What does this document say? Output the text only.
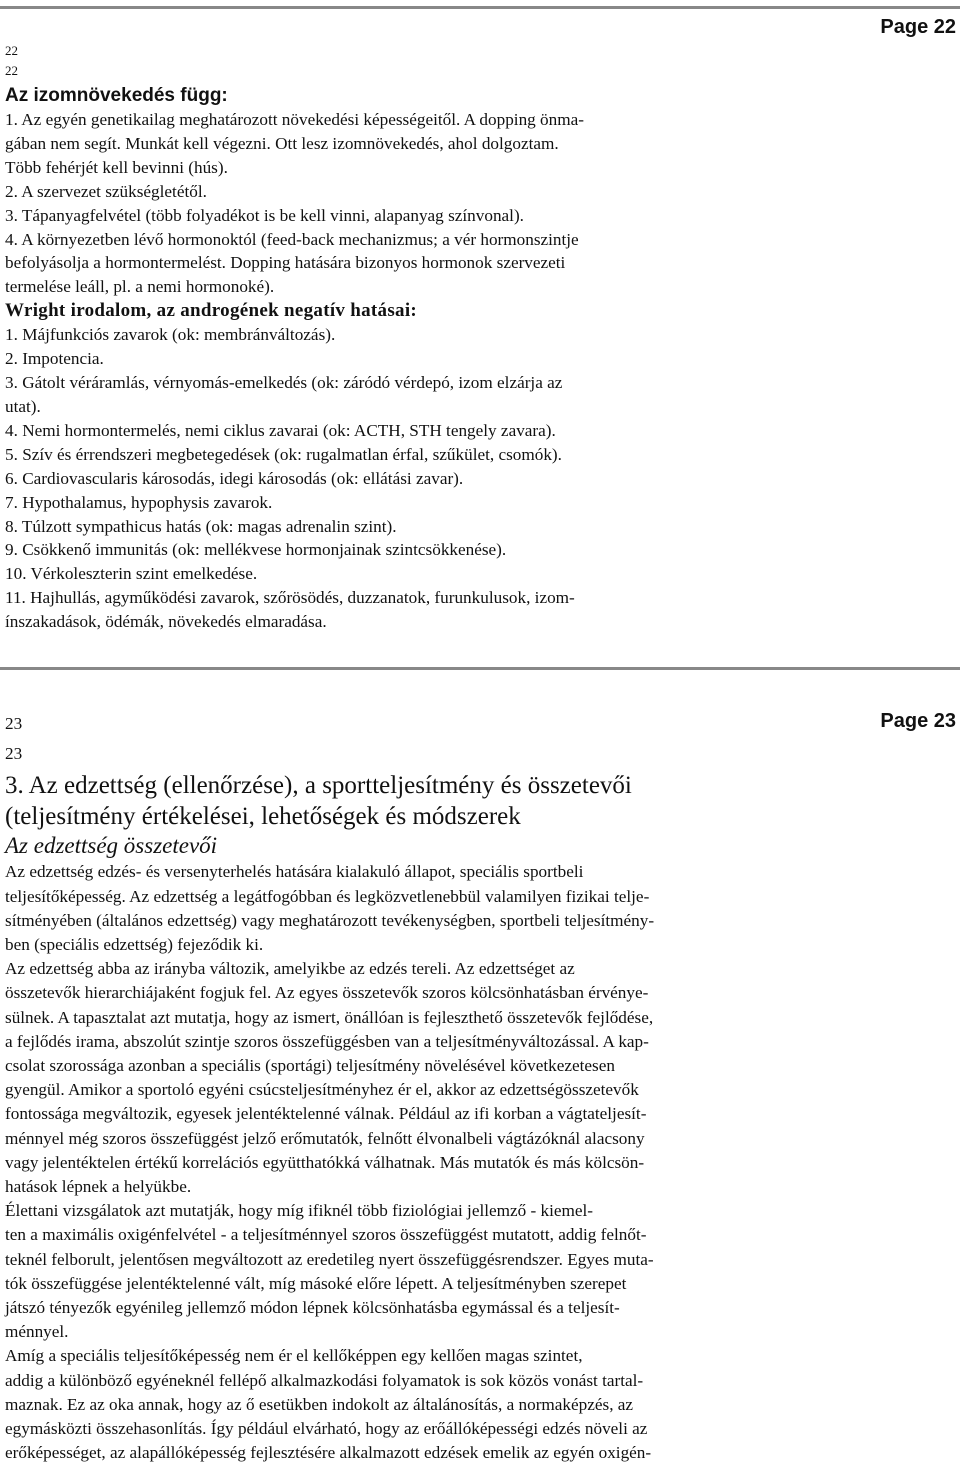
Page 22
22
22
Az izomnövekedés függ:
1. Az egyén genetikailag meghatározott növekedési képességeitől. A dopping önma-
gában nem segít. Munkát kell végezni. Ott lesz izomnövekedés, ahol dolgoztam.
Több fehérjét kell bevinni (hús).
2. A szervezet szükségletétől.
3. Tápanyagfelvétel (több folyadékot is be kell vinni, alapanyag színvonal).
4. A környezetben lévő hormonoktól (feed-back mechanizmus; a vér hormonszintje
befolyásolja a hormontermelést. Dopping hatására bizonyos hormonok szervezeti
termelése leáll, pl. a nemi hormonoké).
Wright irodalom, az androgének negatív hatásai:
1. Májfunkciós zavarok (ok: membránváltozás).
2. Impotencia.
3. Gátolt véráramlás, vérnyomás-emelkedés (ok: záródó vérdepó, izom elzárja az
utat).
4. Nemi hormontermelés, nemi ciklus zavarai (ok: ACTH, STH tengely zavara).
5. Szív és érrendszeri megbetegedések (ok: rugalmatlan érfal, szűkület, csomók).
6. Cardiovascularis károsodás, idegi károsodás (ok: ellátási zavar).
7. Hypothalamus, hypophysis zavarok.
8. Túlzott sympathicus hatás (ok: magas adrenalin szint).
9. Csökkenő immunitás (ok: mellékvese hormonjainak szintcsökkenése).
10. Vérkoleszterin szint emelkedése.
11. Hajhullás, agyműködési zavarok, szőrösödés, duzzanatok, furunkulusok, izom-
ínszakadások, ödémák, növekedés elmaradása.
Page 23
23
23
3. Az edzettség (ellenőrzése), a sportteljesítmény és összetevői
(teljesítmény értékelései, lehetőségek és módszerek
Az edzettség összetevői
Az edzettség edzés- és versenyterhelés hatására kialakuló állapot, speciális sportbeli
teljesítőképesség. Az edzettség a legátfogóbban és legközvetlenebbül valamilyen fizikai telje-
sítményében (általános edzettség) vagy meghatározott tevékenységben, sportbeli teljesítmény-
ben (speciális edzettség) fejeződik ki.
Az edzettség abba az irányba változik, amelyikbe az edzés tereli. Az edzettséget az
összetevők hierarchiájaként fogjuk fel. Az egyes összetevők szoros kölcsönhatásban érvénye-
sülnek. A tapasztalat azt mutatja, hogy az ismert, önállóan is fejleszthető összetevők fejlődése,
a fejlődés irama, abszolút szintje szoros összefüggésben van a teljesítményváltozással. A kap-
csolat szorossága azonban a speciális (sportági) teljesítmény növelésével következetesen
gyengül. Amikor a sportoló egyéni csúcsteljesítményhez ér el, akkor az edzettségösszetevők
fontossága megváltozik, egyesek jelentéktelenné válnak. Például az ifi korban a vágtateljesít-
ménnyel még szoros összefüggést jelző erőmutatók, felnőtt élvonalbeli vágtázóknál alacsony
vagy jelentéktelen értékű korrelációs együtthatókká válhatnak. Más mutatók és más kölcsön-
hatások lépnek a helyükbe.
Élettani vizsgálatok azt mutatják, hogy míg ifiknél több fiziológiai jellemző - kiemel-
ten a maximális oxigénfelvétel - a teljesítménnyel szoros összefüggést mutatott, addig felnőt-
teknél felborult, jelentősen megváltozott az eredetileg nyert összefüggésrendszer. Egyes muta-
tók összefüggése jelentéktelenné vált, míg másoké előre lépett. A teljesítményben szerepet
játszó tényezők egyénileg jellemző módon lépnek kölcsönhatásba egymással és a teljesít-
ménnyel.
Amíg a speciális teljesítőképesség nem ér el kellőképpen egy kellően magas szintet,
addig a különböző egyéneknél fellépő alkalmazkodási folyamatok is sok közös vonást tartal-
maznak. Ez az oka annak, hogy az ő esetükben indokolt az általánosítás, a normaképzés, az
egymásközti összehasonlítás. Így például elvárható, hogy az erőállóképességi edzés növeli az
erőképességet, az alapállóképesség fejlesztésére alkalmazott edzések emelik az egyén oxigén-
